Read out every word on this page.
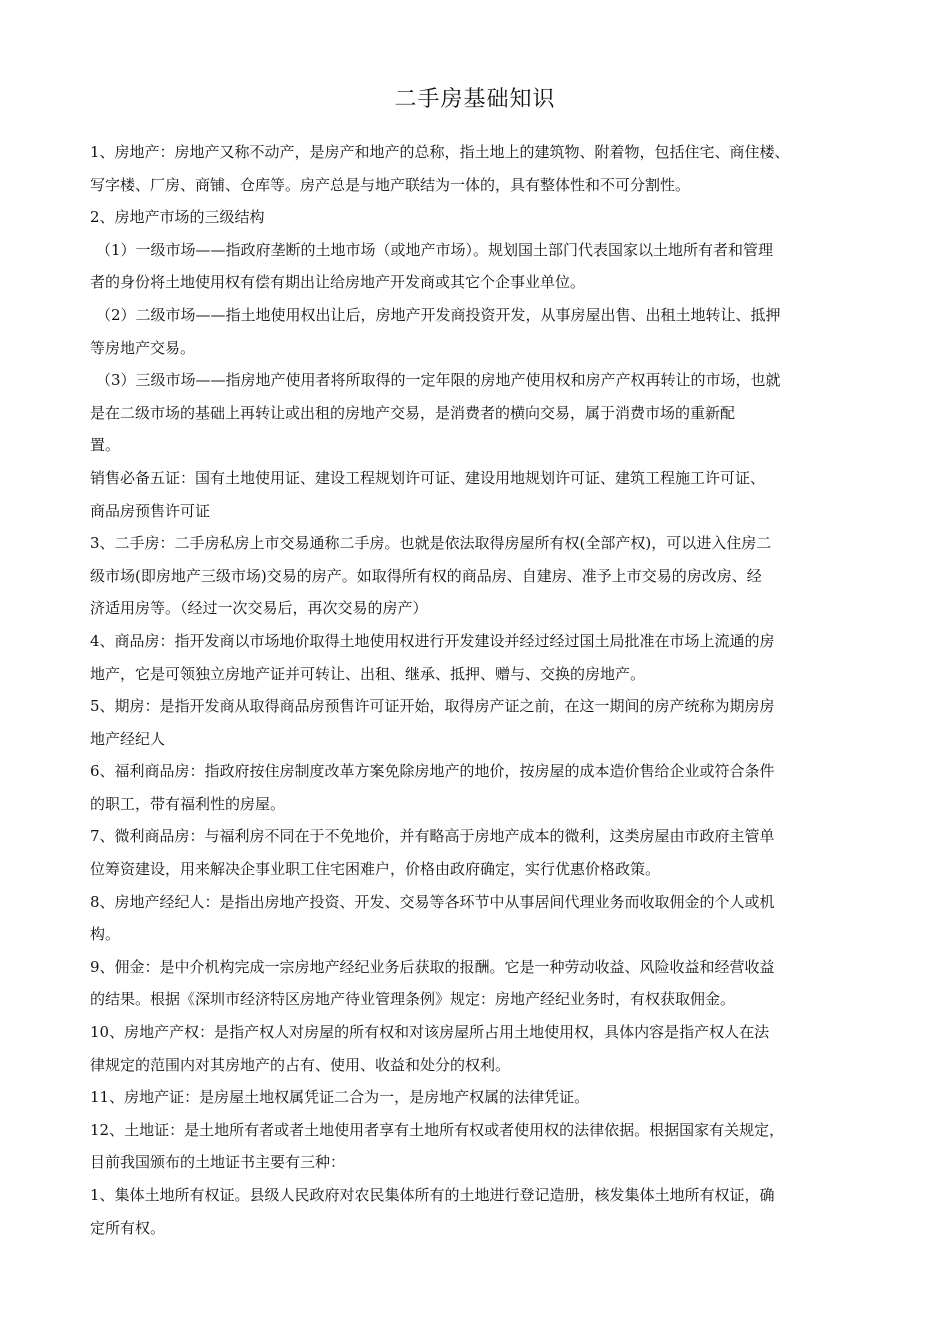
二手房基础知识
1、房地产：房地产又称不动产，是房产和地产的总称，指土地上的建筑物、附着物，包括住宅、商住楼、
写字楼、厂房、商铺、仓库等。房产总是与地产联结为一体的，具有整体性和不可分割性。
2、房地产市场的三级结构
（1）一级市场——指政府垄断的土地市场（或地产市场）。规划国土部门代表国家以土地所有者和管理
者的身份将土地使用权有偿有期出让给房地产开发商或其它个企事业单位。
（2）二级市场——指土地使用权出让后，房地产开发商投资开发，从事房屋出售、出租土地转让、抵押
等房地产交易。
（3）三级市场——指房地产使用者将所取得的一定年限的房地产使用权和房产产权再转让的市场，也就
是在二级市场的基础上再转让或出租的房地产交易，是消费者的横向交易，属于消费市场的重新配
置。
销售必备五证：国有土地使用证、建设工程规划许可证、建设用地规划许可证、建筑工程施工许可证、
商品房预售许可证
3、二手房：二手房私房上市交易通称二手房。也就是依法取得房屋所有权(全部产权)，可以进入住房二
级市场(即房地产三级市场)交易的房产。如取得所有权的商品房、自建房、准予上市交易的房改房、经
济适用房等。（经过一次交易后，再次交易的房产）
4、商品房：指开发商以市场地价取得土地使用权进行开发建设并经过经过国土局批准在市场上流通的房
地产，它是可领独立房地产证并可转让、出租、继承、抵押、赠与、交换的房地产。
5、期房：是指开发商从取得商品房预售许可证开始，取得房产证之前，在这一期间的房产统称为期房房
地产经纪人
6、福利商品房：指政府按住房制度改革方案免除房地产的地价，按房屋的成本造价售给企业或符合条件
的职工，带有福利性的房屋。
7、微利商品房：与福利房不同在于不免地价，并有略高于房地产成本的微利，这类房屋由市政府主管单
位筹资建设，用来解决企事业职工住宅困难户，价格由政府确定，实行优惠价格政策。
8、房地产经纪人：是指出房地产投资、开发、交易等各环节中从事居间代理业务而收取佣金的个人或机
构。
9、佣金：是中介机构完成一宗房地产经纪业务后获取的报酬。它是一种劳动收益、风险收益和经营收益
的结果。根据《深圳市经济特区房地产待业管理条例》规定：房地产经纪业务时，有权获取佣金。
10、房地产产权：是指产权人对房屋的所有权和对该房屋所占用土地使用权，具体内容是指产权人在法
律规定的范围内对其房地产的占有、使用、收益和处分的权利。
11、房地产证：是房屋土地权属凭证二合为一，是房地产权属的法律凭证。
12、土地证：是土地所有者或者土地使用者享有土地所有权或者使用权的法律依据。根据国家有关规定，
目前我国颁布的土地证书主要有三种：
1、集体土地所有权证。县级人民政府对农民集体所有的土地进行登记造册，核发集体土地所有权证，确
定所有权。
